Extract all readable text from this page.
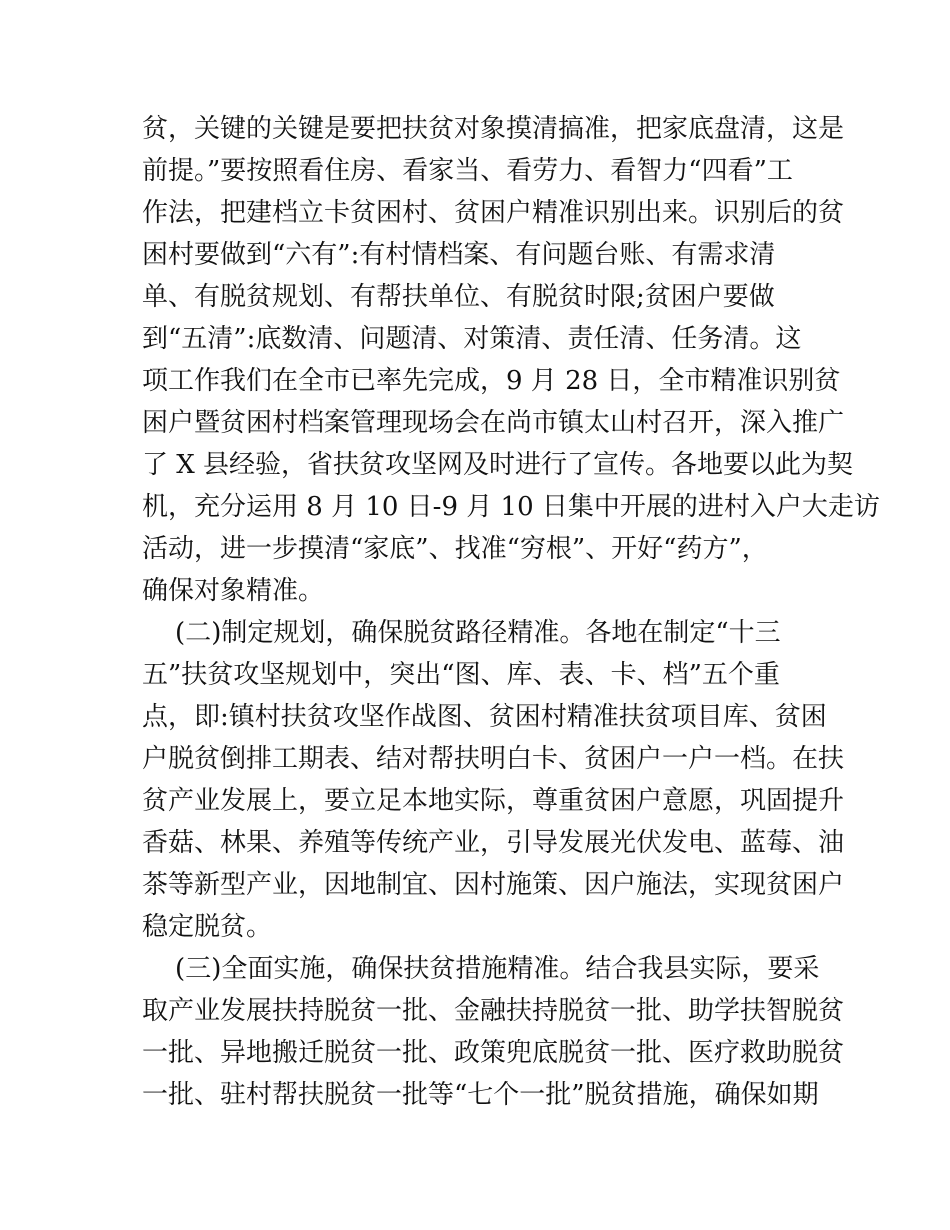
贫，关键的关键是要把扶贫对象摸清搞准，把家底盘清，这是
前提。”要按照看住房、看家当、看劳力、看智力“四看”工
作法，把建档立卡贫困村、贫困户精准识别出来。识别后的贫
困村要做到“六有”:有村情档案、有问题台账、有需求清
单、有脱贫规划、有帮扶单位、有脱贫时限;贫困户要做
到“五清”:底数清、问题清、对策清、责任清、任务清。这
项工作我们在全市已率先完成，9 月 28 日，全市精准识别贫
困户暨贫困村档案管理现场会在尚市镇太山村召开，深入推广
了 X 县经验，省扶贫攻坚网及时进行了宣传。各地要以此为契
机，充分运用 8 月 10 日-9 月 10 日集中开展的进村入户大走访
活动，进一步摸清“家底”、找准“穷根”、开好“药方”，
确保对象精准。
(二)制定规划，确保脱贫路径精准。各地在制定“十三
五”扶贫攻坚规划中，突出“图、库、表、卡、档”五个重
点，即:镇村扶贫攻坚作战图、贫困村精准扶贫项目库、贫困
户脱贫倒排工期表、结对帮扶明白卡、贫困户一户一档。在扶
贫产业发展上，要立足本地实际，尊重贫困户意愿，巩固提升
香菇、林果、养殖等传统产业，引导发展光伏发电、蓝莓、油
茶等新型产业，因地制宜、因村施策、因户施法，实现贫困户
稳定脱贫。
(三)全面实施，确保扶贫措施精准。结合我县实际，要采
取产业发展扶持脱贫一批、金融扶持脱贫一批、助学扶智脱贫
一批、异地搬迁脱贫一批、政策兜底脱贫一批、医疗救助脱贫
一批、驻村帮扶脱贫一批等“七个一批”脱贫措施，确保如期
